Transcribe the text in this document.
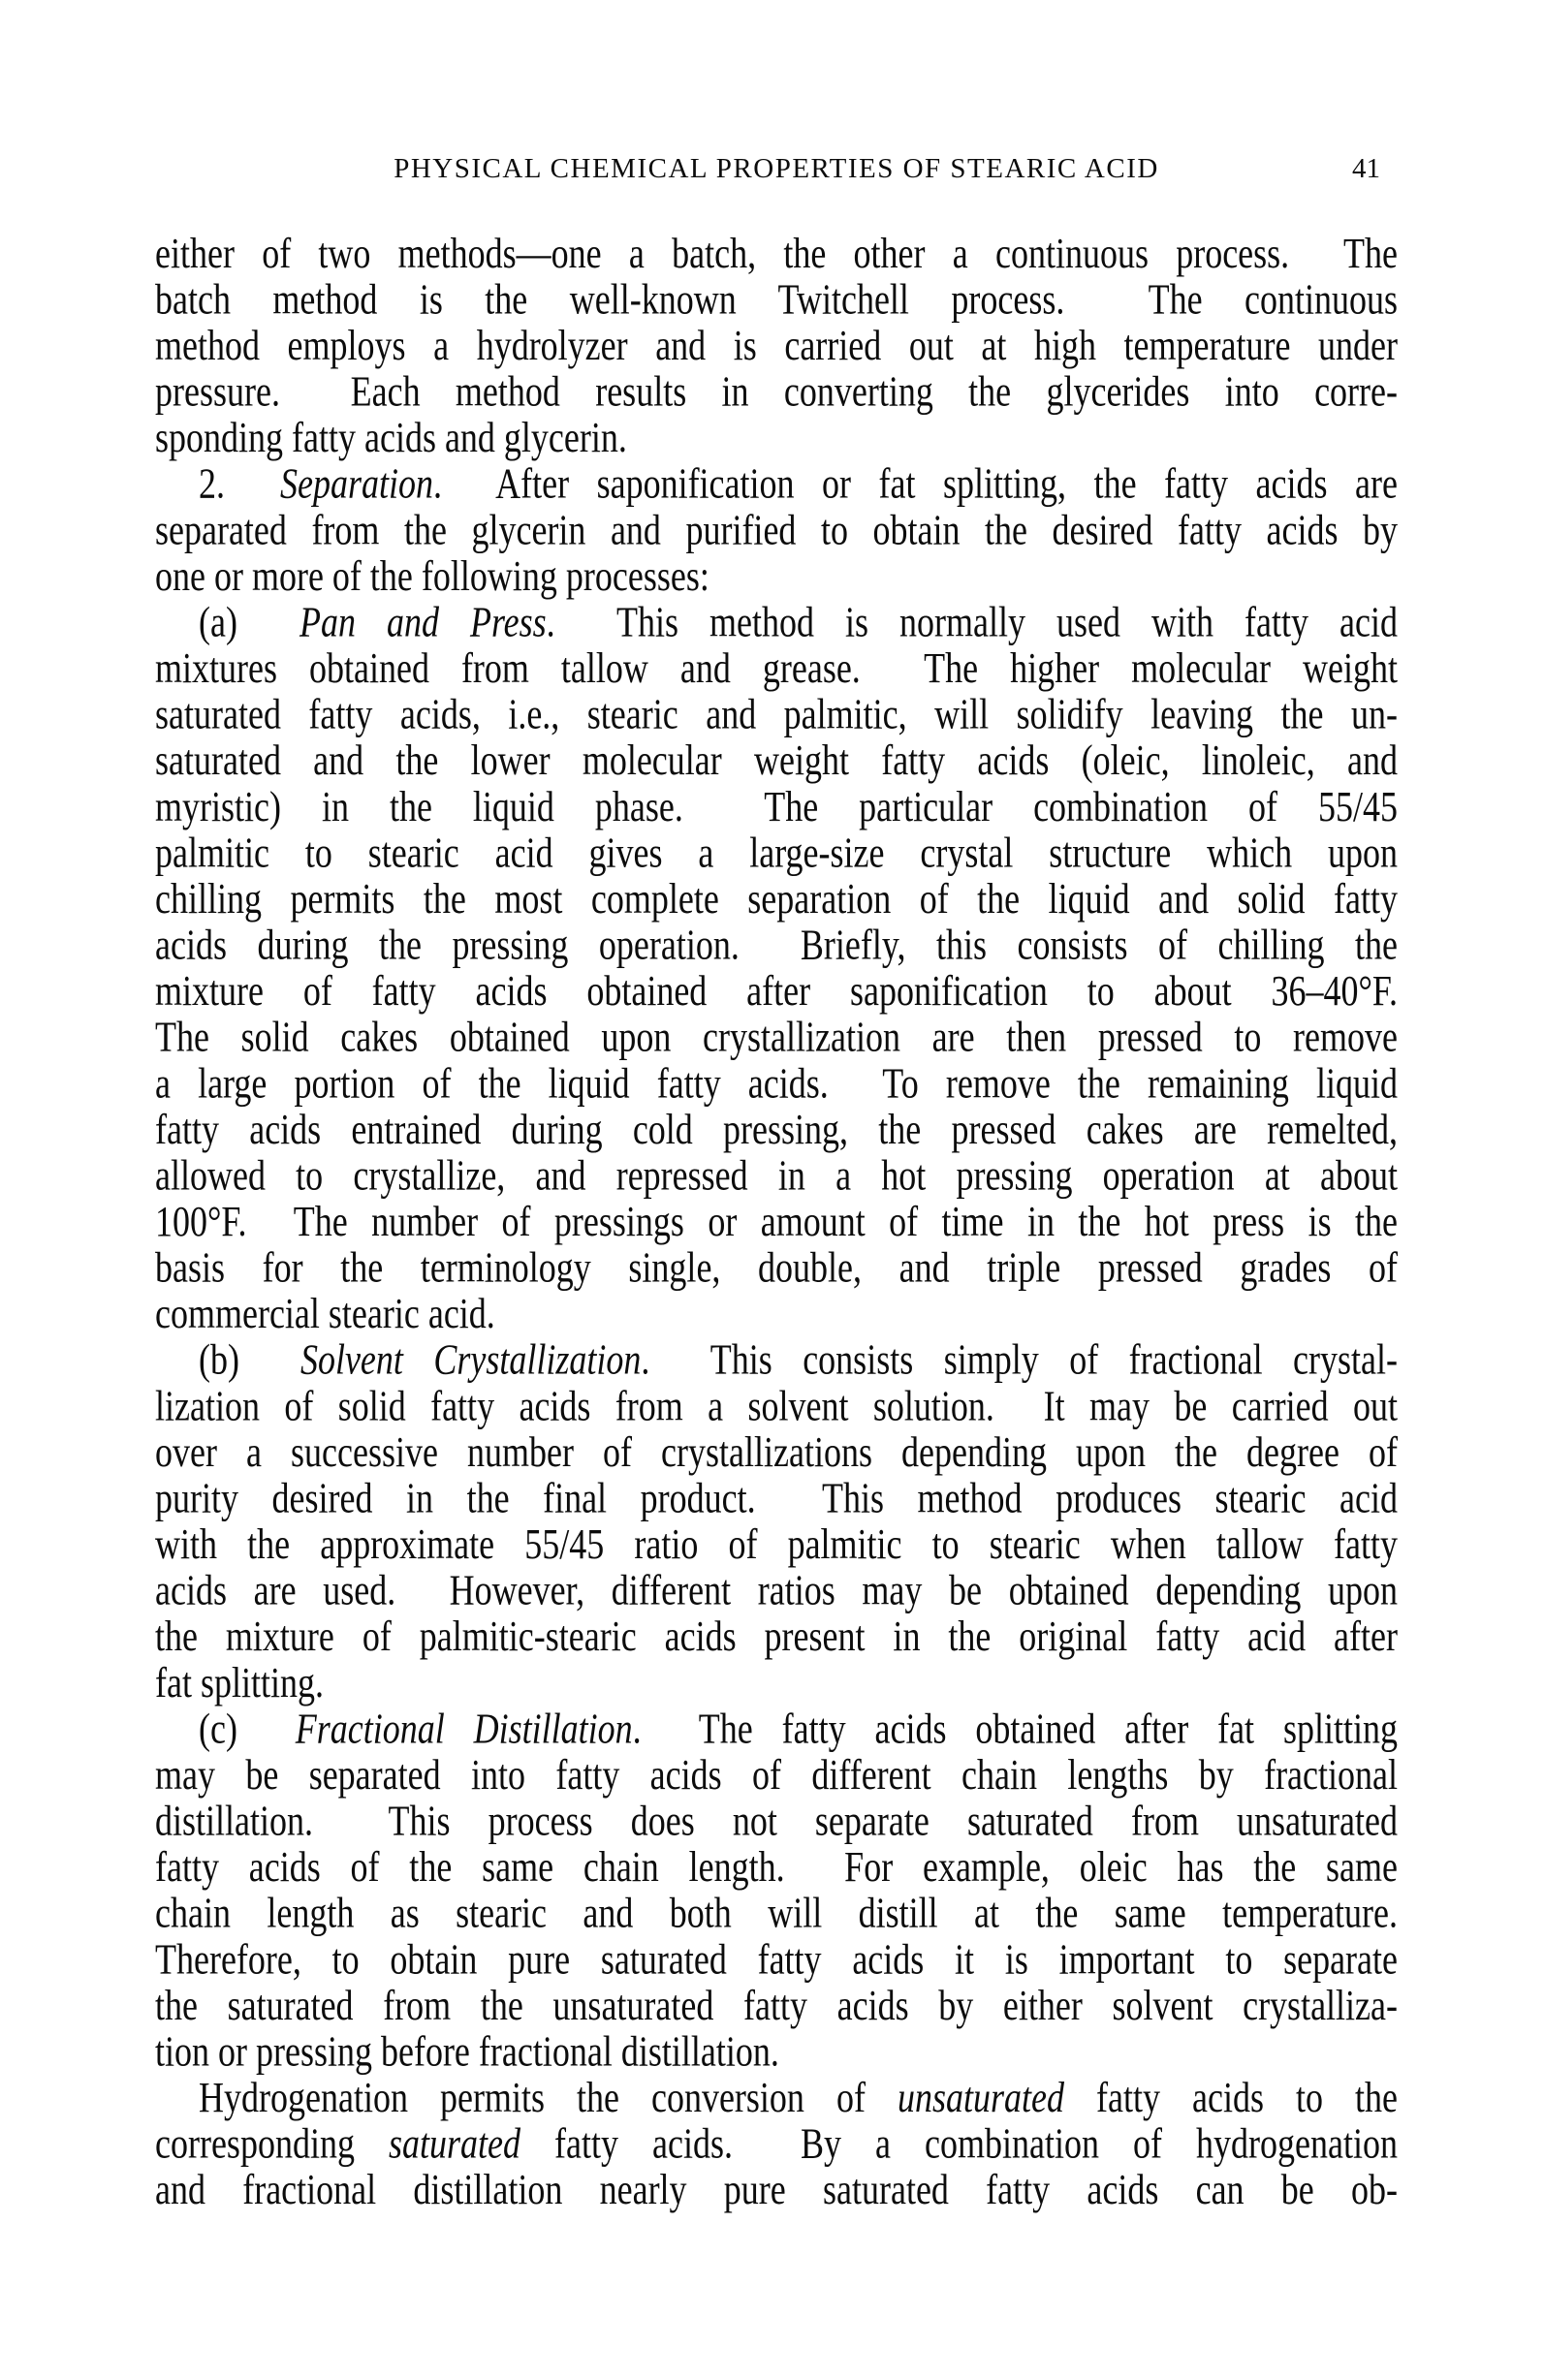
PHYSICAL CHEMICAL PROPERTIES OF STEARIC ACID	41
either of two methods—one a batch, the other a continuous process.  The
batch method is the well-known Twitchell process.  The continuous
method employs a hydrolyzer and is carried out at high temperature under
pressure.  Each method results in converting the glycerides into corre-
sponding fatty acids and glycerin.
2.  Separation.  After saponification or fat splitting, the fatty acids are
separated from the glycerin and purified to obtain the desired fatty acids by
one or more of the following processes:
(a)  Pan and Press.  This method is normally used with fatty acid
mixtures obtained from tallow and grease.  The higher molecular weight
saturated fatty acids, i.e., stearic and palmitic, will solidify leaving the un-
saturated and the lower molecular weight fatty acids (oleic, linoleic, and
myristic) in the liquid phase.  The particular combination of 55/45
palmitic to stearic acid gives a large-size crystal structure which upon
chilling permits the most complete separation of the liquid and solid fatty
acids during the pressing operation.  Briefly, this consists of chilling the
mixture of fatty acids obtained after saponification to about 36–40°F.
The solid cakes obtained upon crystallization are then pressed to remove
a large portion of the liquid fatty acids.  To remove the remaining liquid
fatty acids entrained during cold pressing, the pressed cakes are remelted,
allowed to crystallize, and repressed in a hot pressing operation at about
100°F.  The number of pressings or amount of time in the hot press is the
basis for the terminology single, double, and triple pressed grades of
commercial stearic acid.
(b)  Solvent Crystallization.  This consists simply of fractional crystal-
lization of solid fatty acids from a solvent solution.  It may be carried out
over a successive number of crystallizations depending upon the degree of
purity desired in the final product.  This method produces stearic acid
with the approximate 55/45 ratio of palmitic to stearic when tallow fatty
acids are used.  However, different ratios may be obtained depending upon
the mixture of palmitic-stearic acids present in the original fatty acid after
fat splitting.
(c)  Fractional Distillation.  The fatty acids obtained after fat splitting
may be separated into fatty acids of different chain lengths by fractional
distillation.  This process does not separate saturated from unsaturated
fatty acids of the same chain length.  For example, oleic has the same
chain length as stearic and both will distill at the same temperature.
Therefore, to obtain pure saturated fatty acids it is important to separate
the saturated from the unsaturated fatty acids by either solvent crystalliza-
tion or pressing before fractional distillation.
Hydrogenation permits the conversion of unsaturated fatty acids to the
corresponding saturated fatty acids.  By a combination of hydrogenation
and fractional distillation nearly pure saturated fatty acids can be ob-
